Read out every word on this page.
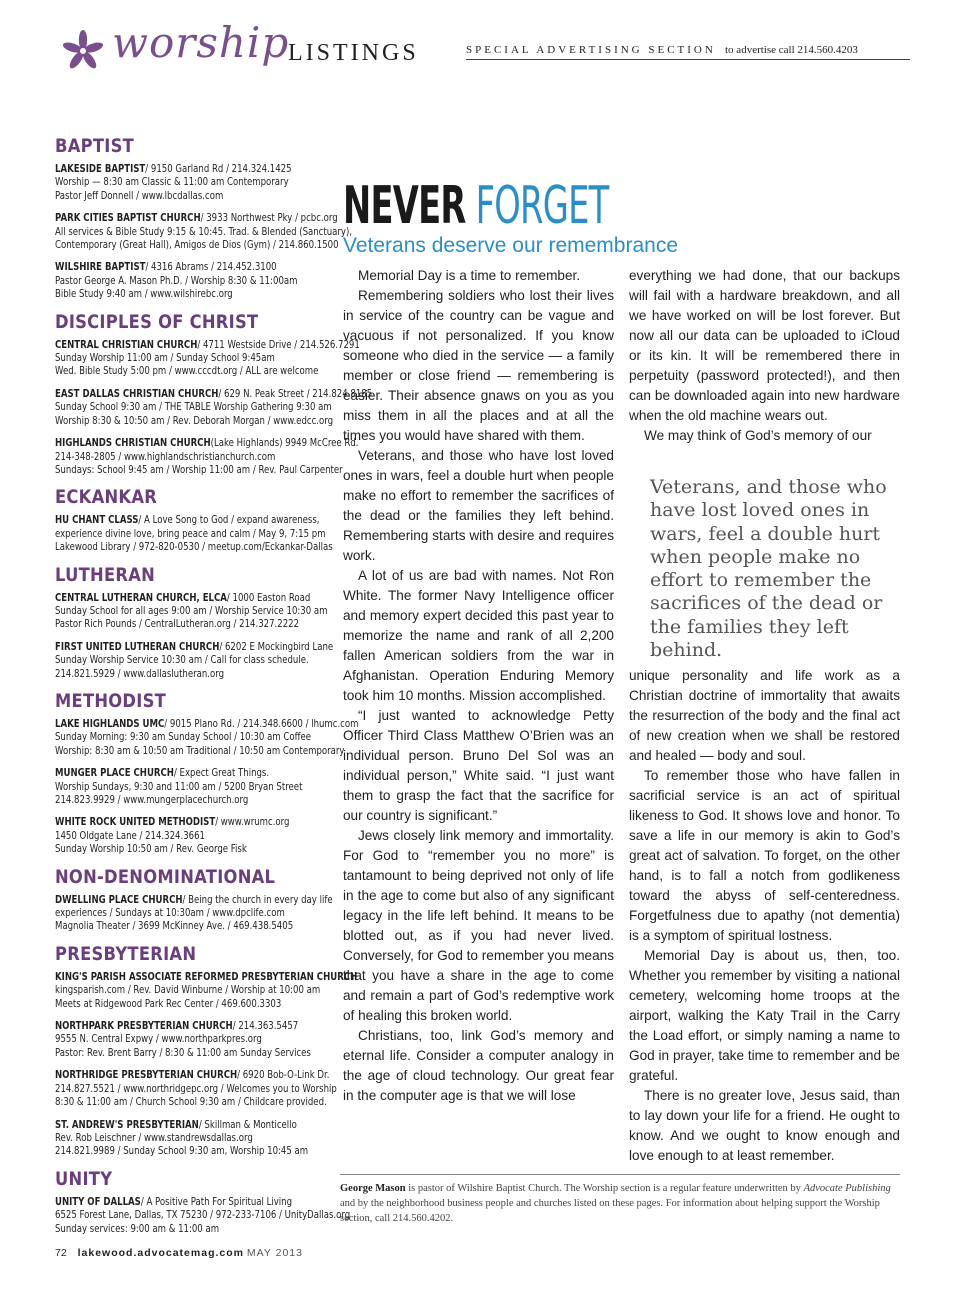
worship
LISTINGS	SPECIAL ADVERTISING SECTION to advertise call 214.560.4203
BAPTIST
LAKESIDE BAPTIST/ 9150 Garland Rd / 214.324.1425
Worship — 8:30 am Classic & 11:00 am Contemporary
Pastor Jeff Donnell / www.lbcdallas.com
PARK CITIES BAPTIST CHURCH/ 3933 Northwest Pky / pcbc.org
All services & Bible Study 9:15 & 10:45. Trad. & Blended (Sanctuary),
Contemporary (Great Hall), Amigos de Dios (Gym) / 214.860.1500
WILSHIRE BAPTIST/ 4316 Abrams / 214.452.3100
Pastor George A. Mason Ph.D. / Worship 8:30 & 11:00am
Bible Study 9:40 am / www.wilshirebc.org
DISCIPLES OF CHRIST
CENTRAL CHRISTIAN CHURCH/ 4711 Westside Drive / 214.526.7291
Sunday Worship 11:00 am / Sunday School 9:45am
Wed. Bible Study 5:00 pm / www.cccdt.org / ALL are welcome
EAST DALLAS CHRISTIAN CHURCH/ 629 N. Peak Street / 214.824.8185
Sunday School 9:30 am / THE TABLE Worship Gathering 9:30 am
Worship 8:30 & 10:50 am / Rev. Deborah Morgan / www.edcc.org
HIGHLANDS CHRISTIAN CHURCH(Lake Highlands) 9949 McCree Rd.
214-348-2805 / www.highlandschristianchurch.com
Sundays: School 9:45 am / Worship 11:00 am / Rev. Paul Carpenter
ECKANKAR
HU CHANT CLASS/ A Love Song to God / expand awareness,
experience divine love, bring peace and calm / May 9, 7:15 pm
Lakewood Library / 972-820-0530 / meetup.com/Eckankar-Dallas
LUTHERAN
CENTRAL LUTHERAN CHURCH, ELCA/ 1000 Easton Road
Sunday School for all ages 9:00 am / Worship Service 10:30 am
Pastor Rich Pounds / CentralLutheran.org / 214.327.2222
FIRST UNITED LUTHERAN CHURCH/ 6202 E Mockingbird Lane
Sunday Worship Service 10:30 am / Call for class schedule.
214.821.5929 / www.dallaslutheran.org
METHODIST
LAKE HIGHLANDS UMC/ 9015 Plano Rd. / 214.348.6600 / lhumc.com
Sunday Morning: 9:30 am Sunday School / 10:30 am Coffee
Worship: 8:30 am & 10:50 am Traditional / 10:50 am Contemporary
MUNGER PLACE CHURCH/ Expect Great Things.
Worship Sundays, 9:30 and 11:00 am / 5200 Bryan Street
214.823.9929 / www.mungerplacechurch.org
WHITE ROCK UNITED METHODIST/ www.wrumc.org
1450 Oldgate Lane / 214.324.3661
Sunday Worship 10:50 am / Rev. George Fisk
NON-DENOMINATIONAL
DWELLING PLACE CHURCH/ Being the church in every day life
experiences / Sundays at 10:30am / www.dpclife.com
Magnolia Theater / 3699 McKinney Ave. / 469.438.5405
PRESBYTERIAN
KING'S PARISH ASSOCIATE REFORMED PRESBYTERIAN CHURCH
kingsparish.com / Rev. David Winburne / Worship at 10:00 am
Meets at Ridgewood Park Rec Center / 469.600.3303
NORTHPARK PRESBYTERIAN CHURCH/ 214.363.5457
9555 N. Central Expwy / www.northparkpres.org
Pastor: Rev. Brent Barry / 8:30 & 11:00 am Sunday Services
NORTHRIDGE PRESBYTERIAN CHURCH/ 6920 Bob-O-Link Dr.
214.827.5521 / www.northridgepc.org / Welcomes you to Worship
8:30 & 11:00 am / Church School 9:30 am / Childcare provided.
ST. ANDREW'S PRESBYTERIAN/ Skillman & Monticello
Rev. Rob Leischner / www.standrewsdallas.org
214.821.9989 / Sunday School 9:30 am, Worship 10:45 am
UNITY
UNITY OF DALLAS/ A Positive Path For Spiritual Living
6525 Forest Lane, Dallas, TX 75230 / 972-233-7106 / UnityDallas.org
Sunday services: 9:00 am & 11:00 am
NEVER FORGET
Veterans deserve our remembrance

Memorial Day is a time to remember.

Remembering soldiers who lost their lives in service of the country can be vague and vacuous if not personalized. If you know someone who died in the service — a family member or close friend — remembering is easier. Their absence gnaws on you as you miss them in all the places and at all the times you would have shared with them.

Veterans, and those who have lost loved ones in wars, feel a double hurt when people make no effort to remember the sacrifices of the dead or the families they left behind. Remembering starts with desire and requires work.

A lot of us are bad with names. Not Ron White. The former Navy Intelligence officer and memory expert decided this past year to memorize the name and rank of all 2,200 fallen American soldiers from the war in Afghanistan. Operation Enduring Memory took him 10 months. Mission accomplished.

“I just wanted to acknowledge Petty Officer Third Class Matthew O’Brien was an individual person. Bruno Del Sol was an individual person,” White said. “I just want them to grasp the fact that the sacrifice for our country is significant.”

Jews closely link memory and immortality. For God to “remember you no more” is tantamount to being deprived not only of life in the age to come but also of any significant legacy in the life left behind. It means to be blotted out, as if you had never lived. Conversely, for God to remember you means that you have a share in the age to come and remain a part of God’s redemptive work of healing this broken world.

Christians, too, link God’s memory and eternal life. Consider a computer analogy in the age of cloud technology. Our great fear in the computer age is that we will lose

everything we had done, that our backups will fail with a hardware breakdown, and all we have worked on will be lost forever. But now all our data can be uploaded to iCloud or its kin. It will be remembered there in perpetuity (password protected!), and then can be downloaded again into new hardware when the old machine wears out.

We may think of God’s memory of our

Veterans, and those who have lost loved ones in wars, feel a double hurt when people make no effort to remember the sacrifices of the dead or the families they left behind.

unique personality and life work as a Christian doctrine of immortality that awaits the resurrection of the body and the final act of new creation when we shall be restored and healed — body and soul.

To remember those who have fallen in sacrificial service is an act of spiritual likeness to God. It shows love and honor. To save a life in our memory is akin to God’s great act of salvation. To forget, on the other hand, is to fall a notch from godlikeness toward the abyss of self-centeredness. Forgetfulness due to apathy (not dementia) is a symptom of spiritual lostness.

Memorial Day is about us, then, too. Whether you remember by visiting a national cemetery, welcoming home troops at the airport, walking the Katy Trail in the Carry the Load effort, or simply naming a name to God in prayer, take time to remember and be grateful.

There is no greater love, Jesus said, than to lay down your life for a friend. He ought to know. And we ought to know enough and love enough to at least remember.

George Mason is pastor of Wilshire Baptist Church. The Worship section is a regular feature underwritten by Advocate Publishing and by the neighborhood business people and churches listed on these pages. For information about helping support the Worship section, call 214.560.4202.
72 lakewood.advocatemag.com MAY 2013
